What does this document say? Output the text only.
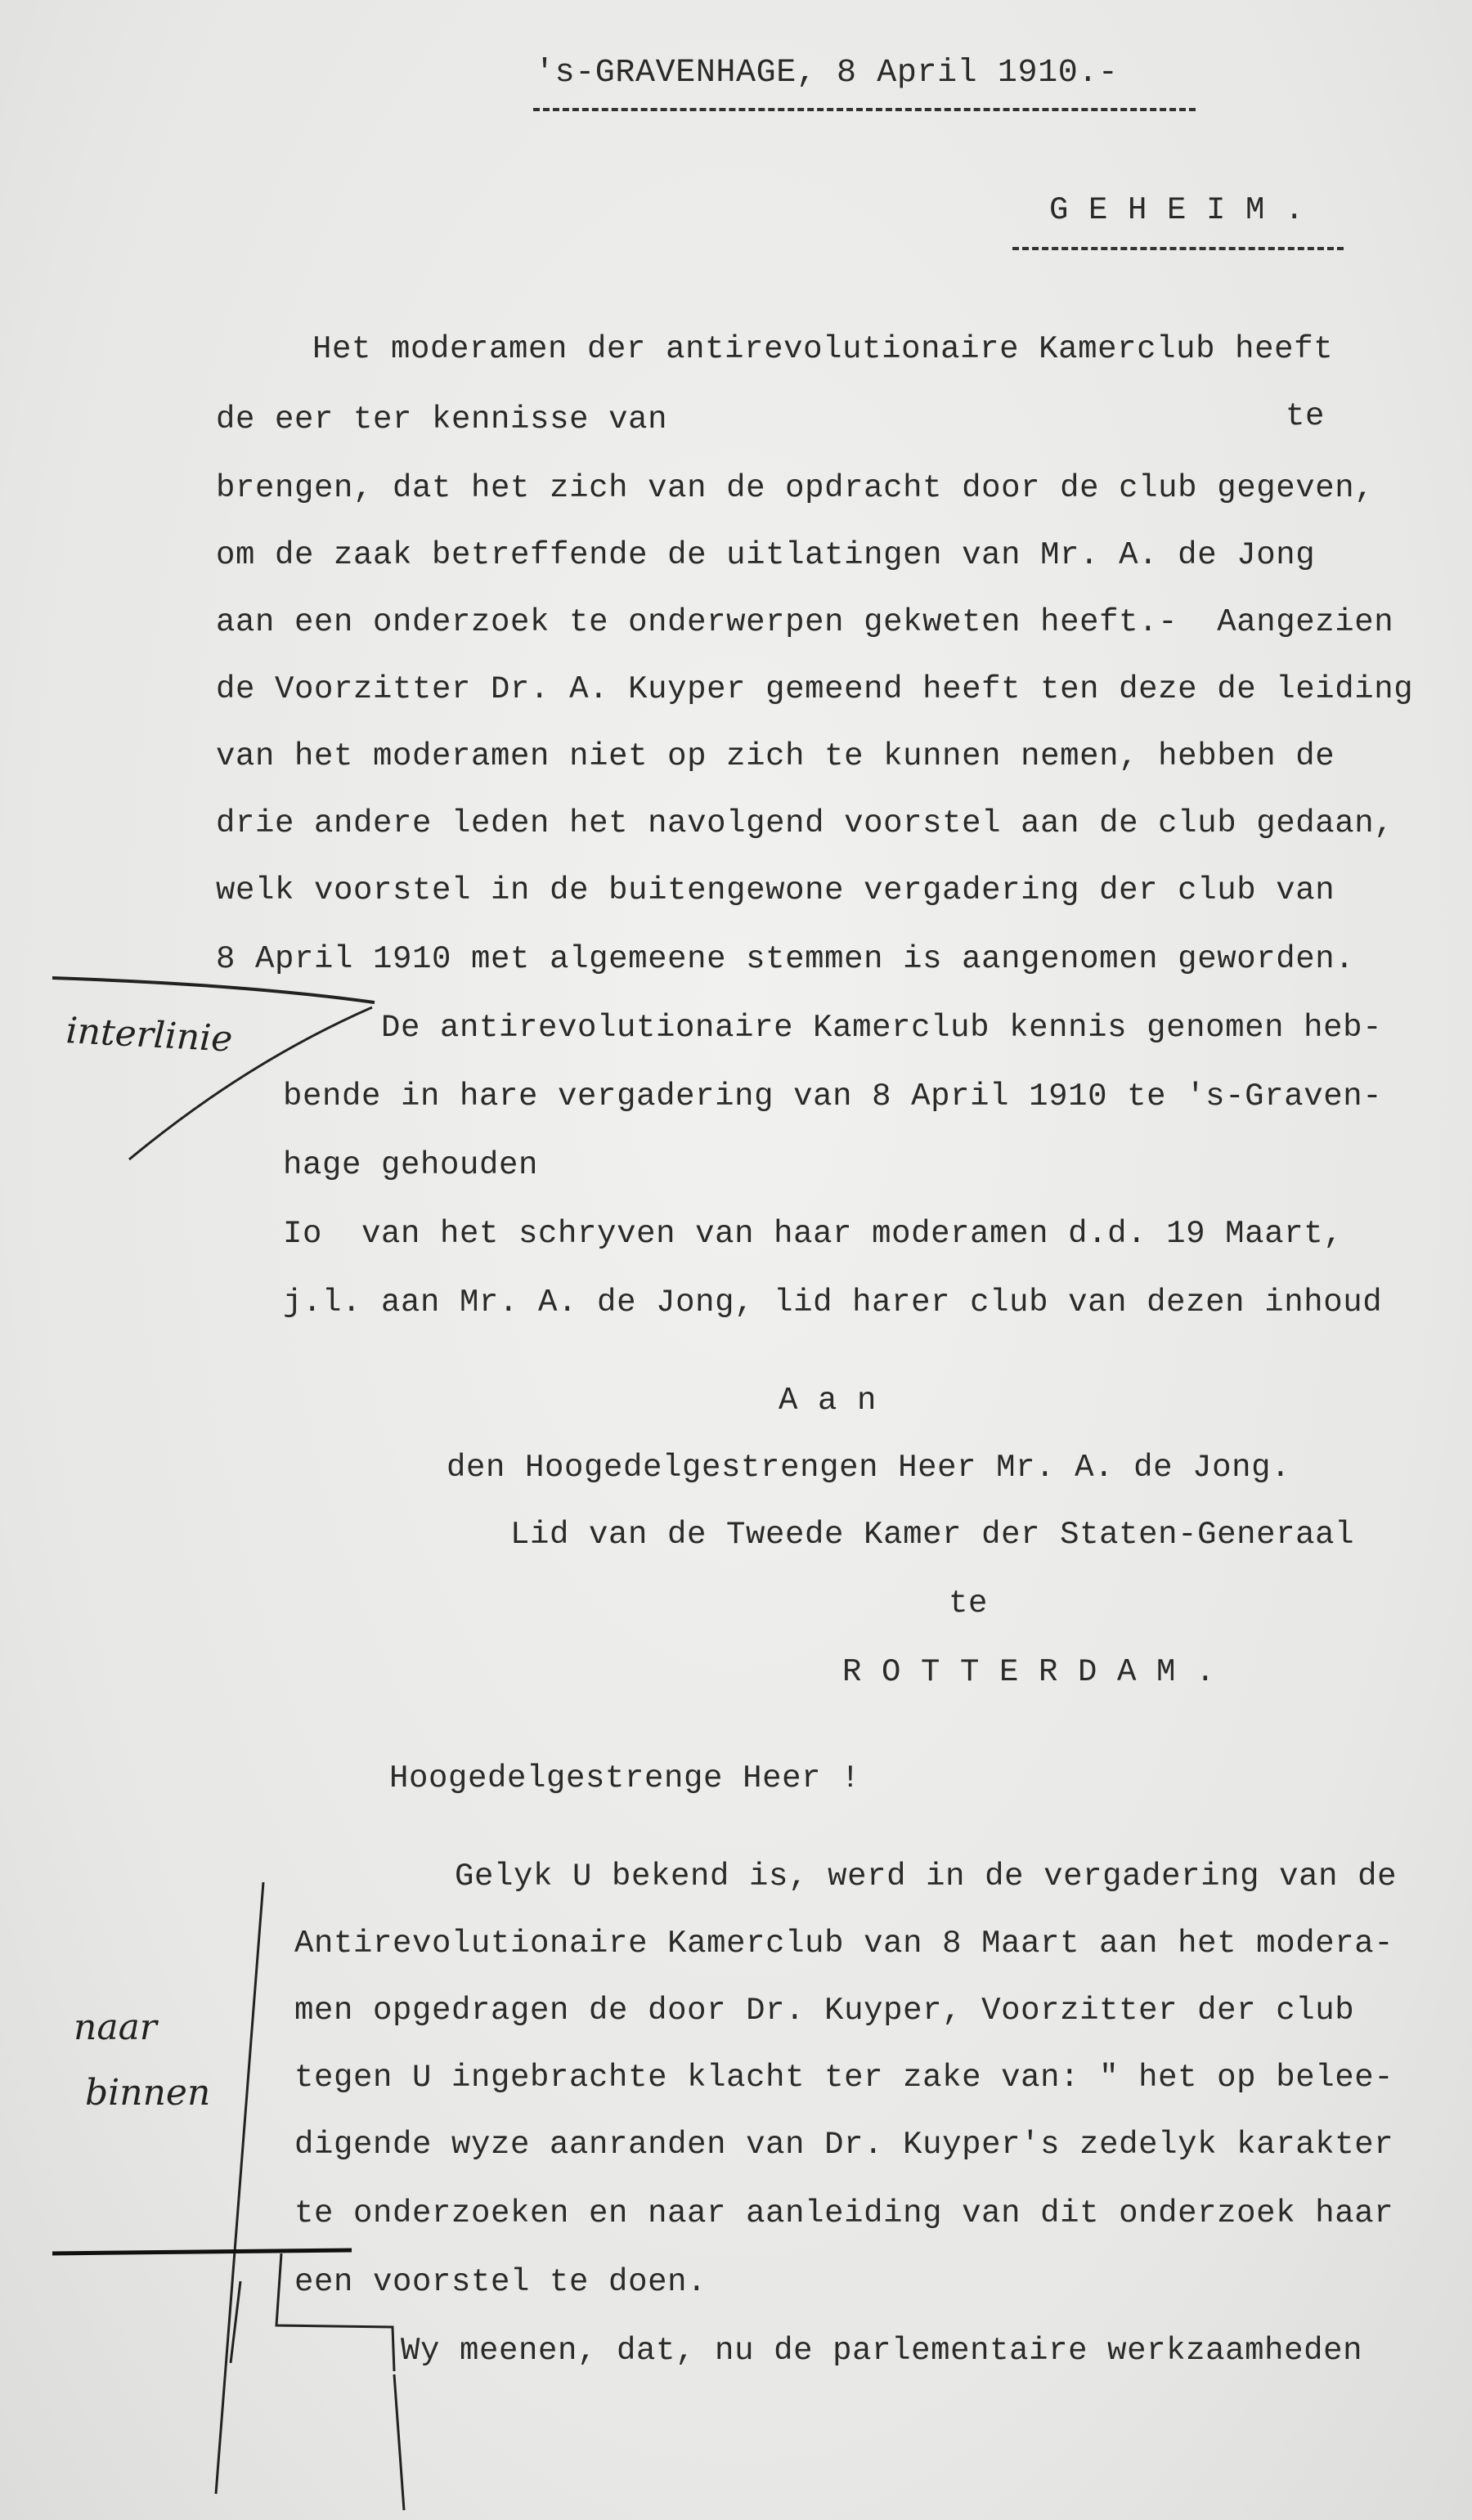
's-GRAVENHAGE, 8 April 1910.-
G E H E I M .
Het moderamen der antirevolutionaire Kamerclub heeft
de eer ter kennisse van	te
brengen, dat het zich van de opdracht door de club gegeven,
om de zaak betreffende de uitlatingen van Mr. A. de Jong
aan een onderzoek te onderwerpen gekweten heeft.-  Aangezien
de Voorzitter Dr. A. Kuyper gemeend heeft ten deze de leiding
van het moderamen niet op zich te kunnen nemen, hebben de
drie andere leden het navolgend voorstel aan de club gedaan,
welk voorstel in de buitengewone vergadering der club van
8 April 1910 met algemeene stemmen is aangenomen geworden.
De antirevolutionaire Kamerclub kennis genomen heb-
bende in hare vergadering van 8 April 1910 te 's-Graven-
hage gehouden
Io  van het schryven van haar moderamen d.d. 19 Maart,
j.l. aan Mr. A. de Jong, lid harer club van dezen inhoud
A a n
den Hoogedelgestrengen Heer Mr. A. de Jong.
Lid van de Tweede Kamer der Staten-Generaal
te
R O T T E R D A M .
Hoogedelgestrenge Heer !
Gelyk U bekend is, werd in de vergadering van de
Antirevolutionaire Kamerclub van 8 Maart aan het modera-
men opgedragen de door Dr. Kuyper, Voorzitter der club
tegen U ingebrachte klacht ter zake van: " het op belee-
digende wyze aanranden van Dr. Kuyper's zedelyk karakter
te onderzoeken en naar aanleiding van dit onderzoek haar
een voorstel te doen.
Wy meenen, dat, nu de parlementaire werkzaamheden
interlinie
naar
binnen
